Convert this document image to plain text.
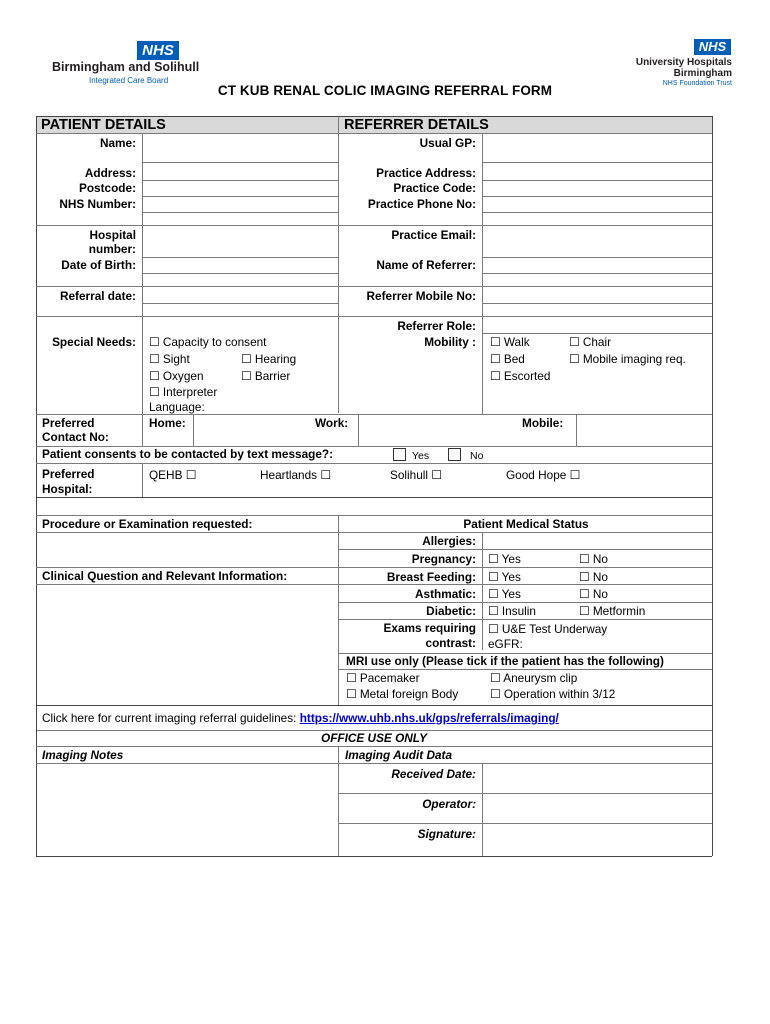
NHS
Birmingham and Solihull
Integrated Care Board
NHS
University Hospitals
Birmingham
NHS Foundation Trust
CT KUB RENAL COLIC IMAGING REFERRAL FORM
PATIENT DETAILS	REFERRER DETAILS
Name:
Address:
Postcode:
NHS Number:
Hospital
number:
Date of Birth:
Referral date:
Special Needs: ☐ Capacity to consent
☐ Sight	☐ Hearing
☐ Oxygen	☐ Barrier
☐ Interpreter
Language:
Usual GP:
Practice Address:
Practice Code:
Practice Phone No:
Practice Email:
Name of Referrer:
Referrer Mobile No:
Referrer Role:
Mobility : ☐ Walk	☐ Chair
☐ Bed	☐ Mobile imaging req.
☐ Escorted
Preferred
Contact No:
Home:	Work:	Mobile:
Patient consents to be contacted by text message?:	Yes	No
Preferred
Hospital:
QEHB ☐	Heartlands ☐	Solihull ☐	Good Hope ☐
Procedure or Examination requested:
Clinical Question and Relevant Information:
Patient Medical Status
Allergies:
Pregnancy: ☐ Yes	☐ No
Breast Feeding: ☐ Yes	☐ No
Asthmatic: ☐ Yes	☐ No
Diabetic: ☐ Insulin	☐ Metformin
Exams requiring
contrast:
☐ U&E Test Underway
eGFR:
MRI use only (Please tick if the patient has the following)
☐ Pacemaker	☐ Aneurysm clip
☐ Metal foreign Body	☐ Operation within 3/12
Click here for current imaging referral guidelines: https://www.uhb.nhs.uk/gps/referrals/imaging/
OFFICE USE ONLY
Imaging Notes	Imaging Audit Data
Received Date:
Operator:
Signature:
